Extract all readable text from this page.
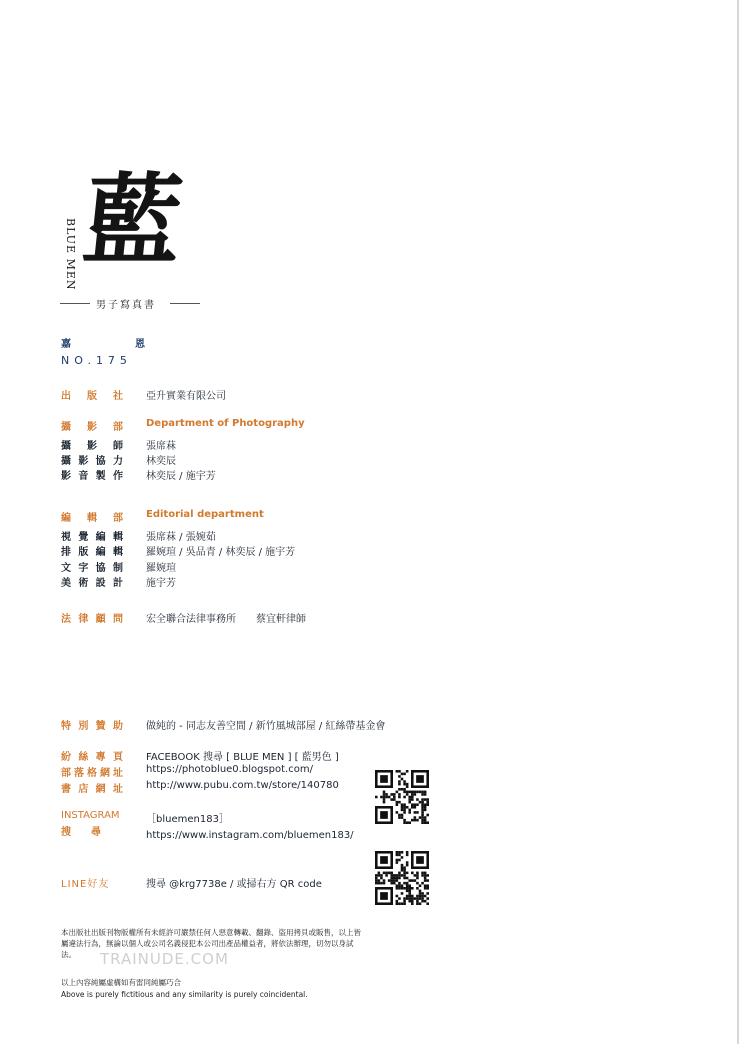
BLUE MEN 藍
男子寫真書
嘉	恩
NO.175
出 版 社 亞升實業有限公司
攝 影 部 Department of Photography
攝 影 師 張席菻
攝 影 協 力 林奕辰
影 音 製 作 林奕辰 / 施宇芳
編 輯 部 Editorial department
視 覺 編 輯 張席菻 / 張婉茹
排 版 編 輯 羅婉瑄 / 吳品青 / 林奕辰 / 施宇芳
文 字 協 制 羅婉瑄
美 術 設 計 施宇芳
法 律 顧 問 宏全聯合法律事務所　　蔡宜軒律師
特 別 贊 助 做純的 - 同志友善空間 / 新竹風城部屋 / 紅絲帶基金會
紛 絲 專 頁 FACEBOOK 搜尋 [ BLUE MEN ] [ 藍男色 ]
部 落 格 網 址 https://photoblue0.blogspot.com/
書 店 網 址 http://www.pubu.com.tw/store/140780
INSTAGRAM	［bluemen183］
搜 尋	https://www.instagram.com/bluemen183/
LINE好友	搜尋 @krg7738e / 或掃右方 QR code
本出版社出版刊物版權所有未經許可嚴禁任何人惡意轉載、翻錄、盜用拷貝或販售，以上皆屬違法行為，無論以個人或公司名義侵犯本公司出產品權益者，將依法辦理，切勿以身試法。	TRAINUDE.COM
以上內容純屬虛構如有雷同純屬巧合
Above is purely fictitious and any similarity is purely coincidental.
